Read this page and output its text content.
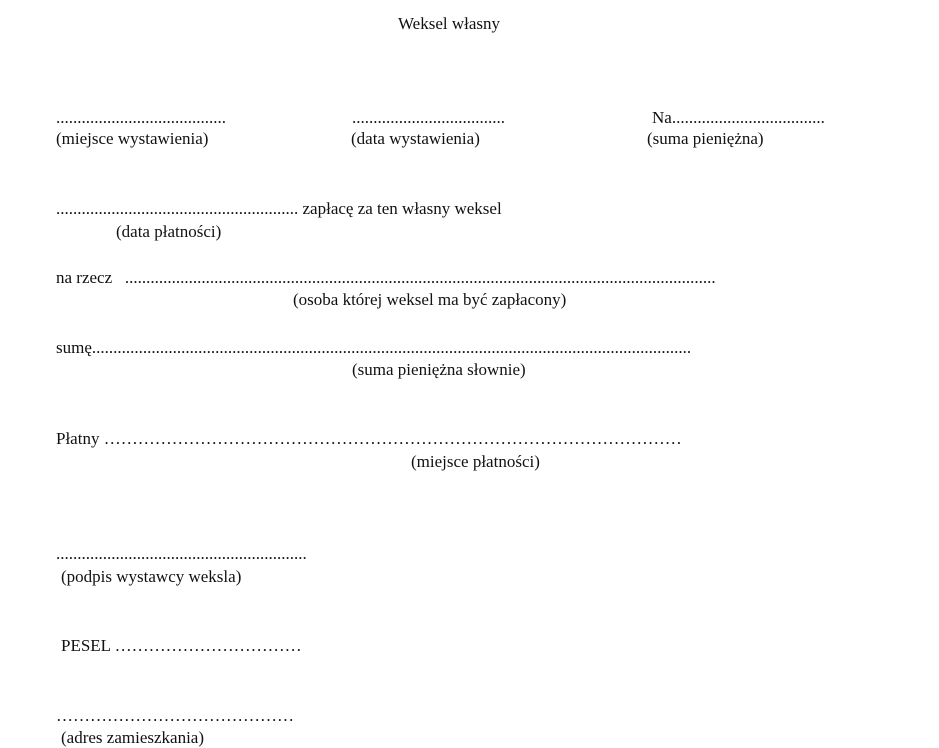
Weksel własny
........................................
(miejsce wystawienia)
....................................
(data wystawienia)
Na....................................
(suma pieniężna)
......................................................... zapłacę za ten własny weksel
(data płatności)
na rzecz   ...........................................................................................................................................
(osoba której weksel ma być zapłacony)
sumę.............................................................................................................................................
(suma pieniężna słownie)
Płatny …………………………………………………………………………………………
(miejsce płatności)
...........................................................
(podpis wystawcy weksla)
PESEL ……………………………
……………………………………
(adres zamieszkania)
